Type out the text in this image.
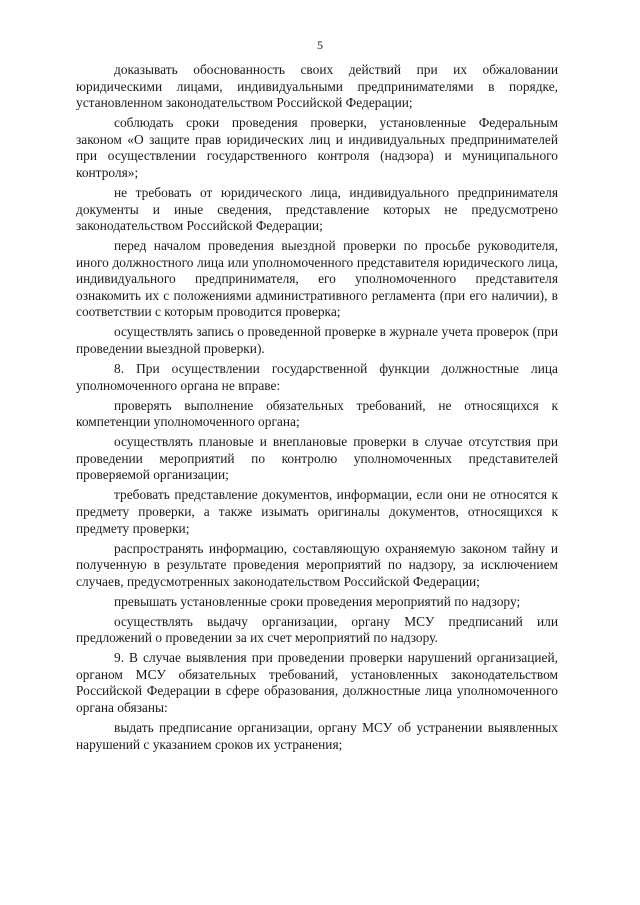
5

доказывать обоснованность своих действий при их обжаловании юридическими лицами, индивидуальными предпринимателями в порядке, установленном законодательством Российской Федерации;

соблюдать сроки проведения проверки, установленные Федеральным законом «О защите прав юридических лиц и индивидуальных предпринимателей при осуществлении государственного контроля (надзора) и муниципального контроля»;

не требовать от юридического лица, индивидуального предпринимателя документы и иные сведения, представление которых не предусмотрено законодательством Российской Федерации;

перед началом проведения выездной проверки по просьбе руководителя, иного должностного лица или уполномоченного представителя юридического лица, индивидуального предпринимателя, его уполномоченного представителя ознакомить их с положениями административного регламента (при его наличии), в соответствии с которым проводится проверка;

осуществлять запись о проведенной проверке в журнале учета проверок (при проведении выездной проверки).

8. При осуществлении государственной функции должностные лица уполномоченного органа не вправе:

проверять выполнение обязательных требований, не относящихся к компетенции уполномоченного органа;

осуществлять плановые и внеплановые проверки в случае отсутствия при проведении мероприятий по контролю уполномоченных представителей проверяемой организации;

требовать представление документов, информации, если они не относятся к предмету проверки, а также изымать оригиналы документов, относящихся к предмету проверки;

распространять информацию, составляющую охраняемую законом тайну и полученную в результате проведения мероприятий по надзору, за исключением случаев, предусмотренных законодательством Российской Федерации;

превышать установленные сроки проведения мероприятий по надзору;

осуществлять выдачу организации, органу МСУ предписаний или предложений о проведении за их счет мероприятий по надзору.

9. В случае выявления при проведении проверки нарушений организацией, органом МСУ обязательных требований, установленных законодательством Российской Федерации в сфере образования, должностные лица уполномоченного органа обязаны:

выдать предписание организации, органу МСУ об устранении выявленных нарушений с указанием сроков их устранения;
